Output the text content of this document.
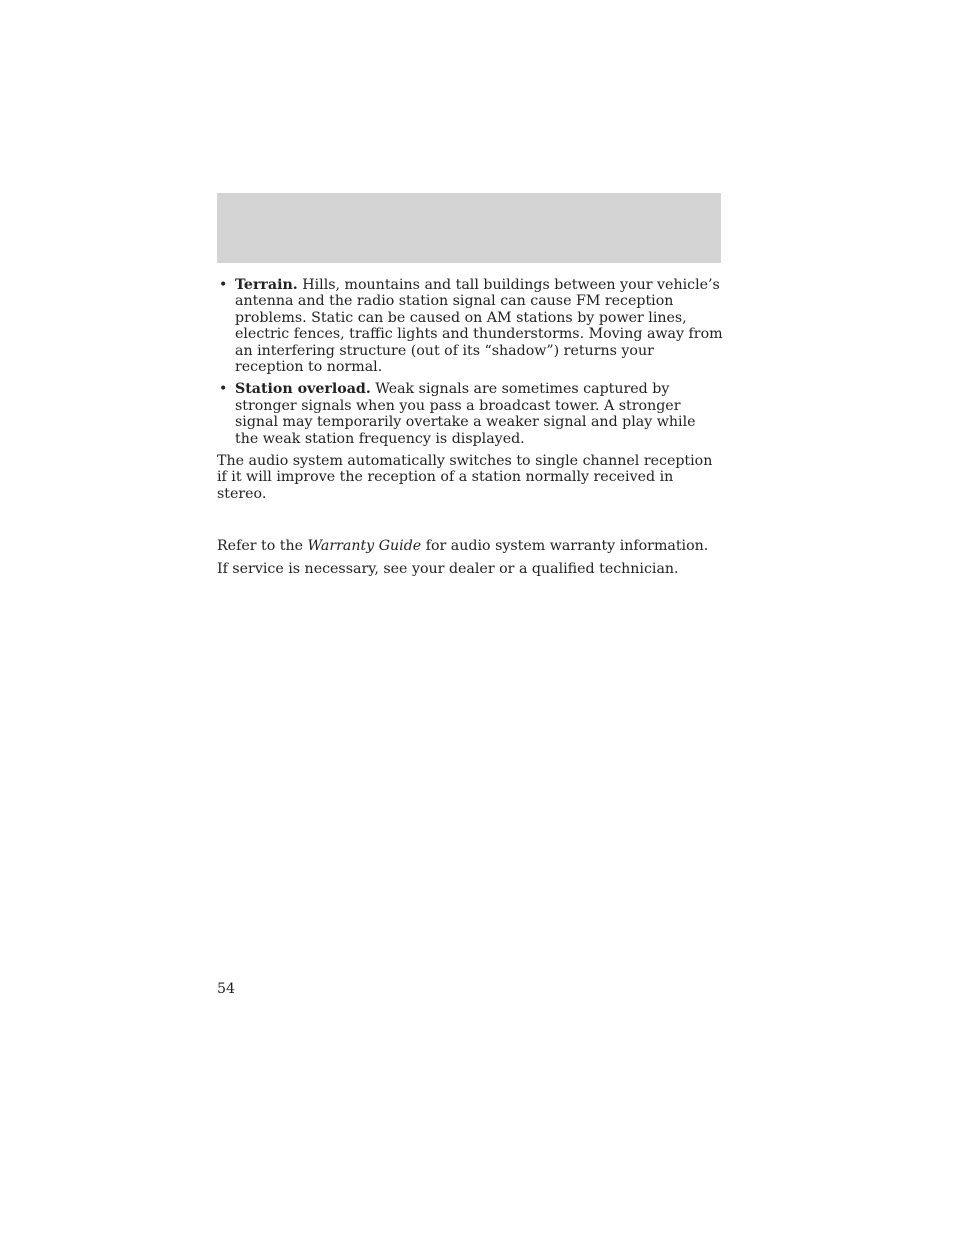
• Terrain. Hills, mountains and tall buildings between your vehicle’s antenna and the radio station signal can cause FM reception problems. Static can be caused on AM stations by power lines, electric fences, traffic lights and thunderstorms. Moving away from an interfering structure (out of its “shadow”) returns your reception to normal.
• Station overload. Weak signals are sometimes captured by stronger signals when you pass a broadcast tower. A stronger signal may temporarily overtake a weaker signal and play while the weak station frequency is displayed.

The audio system automatically switches to single channel reception if it will improve the reception of a station normally received in stereo.

Refer to the Warranty Guide for audio system warranty information.

If service is necessary, see your dealer or a qualified technician.

54
